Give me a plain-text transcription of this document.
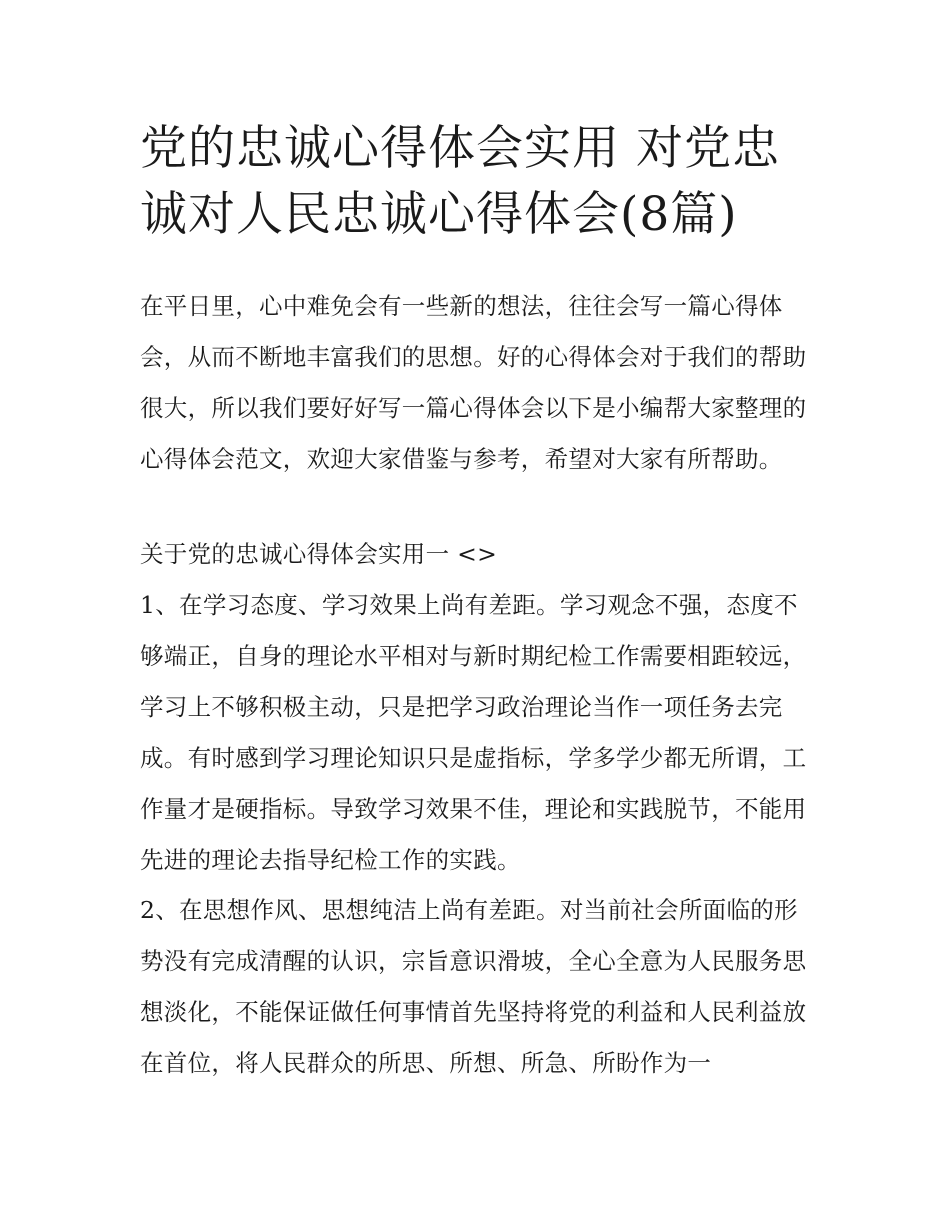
党的忠诚心得体会实用 对党忠诚对人民忠诚心得体会(8篇)

在平日里，心中难免会有一些新的想法，往往会写一篇心得体会，从而不断地丰富我们的思想。好的心得体会对于我们的帮助很大，所以我们要好好写一篇心得体会以下是小编帮大家整理的心得体会范文，欢迎大家借鉴与参考，希望对大家有所帮助。

关于党的忠诚心得体会实用一 <>

1、在学习态度、学习效果上尚有差距。学习观念不强，态度不够端正，自身的理论水平相对与新时期纪检工作需要相距较远，学习上不够积极主动，只是把学习政治理论当作一项任务去完成。有时感到学习理论知识只是虚指标，学多学少都无所谓，工作量才是硬指标。导致学习效果不佳，理论和实践脱节，不能用先进的理论去指导纪检工作的实践。

2、在思想作风、思想纯洁上尚有差距。对当前社会所面临的形势没有完成清醒的认识，宗旨意识滑坡，全心全意为人民服务思想淡化，不能保证做任何事情首先坚持将党的利益和人民利益放在首位，将人民群众的所思、所想、所急、所盼作为一
